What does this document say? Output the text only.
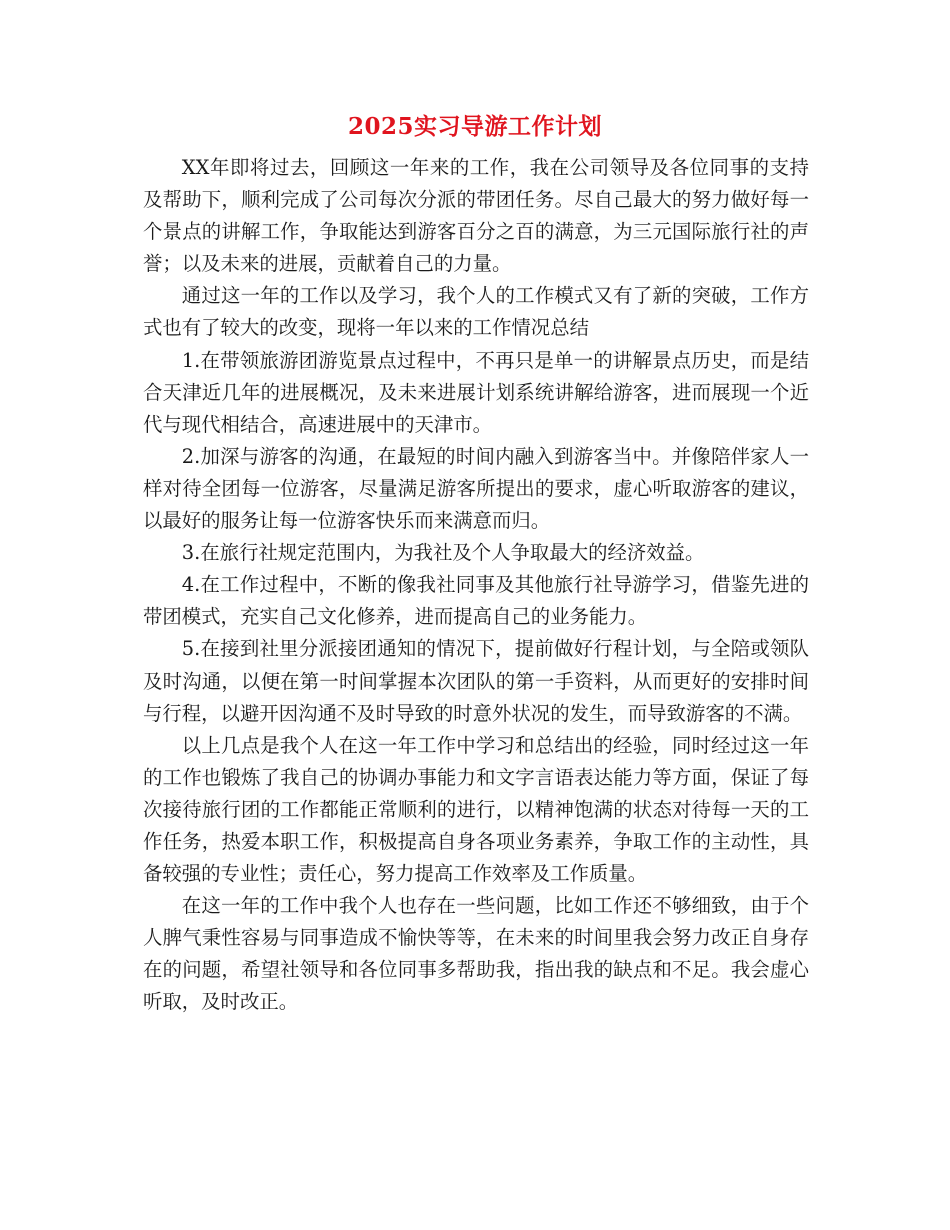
2025实习导游工作计划

XX年即将过去，回顾这一年来的工作，我在公司领导及各位同事的支持及帮助下，顺利完成了公司每次分派的带团任务。尽自己最大的努力做好每一个景点的讲解工作，争取能达到游客百分之百的满意，为三元国际旅行社的声誉；以及未来的进展，贡献着自己的力量。

通过这一年的工作以及学习，我个人的工作模式又有了新的突破，工作方式也有了较大的改变，现将一年以来的工作情况总结

1.在带领旅游团游览景点过程中，不再只是单一的讲解景点历史，而是结合天津近几年的进展概况，及未来进展计划系统讲解给游客，进而展现一个近代与现代相结合，高速进展中的天津市。

2.加深与游客的沟通，在最短的时间内融入到游客当中。并像陪伴家人一样对待全团每一位游客，尽量满足游客所提出的要求，虚心听取游客的建议，以最好的服务让每一位游客快乐而来满意而归。

3.在旅行社规定范围内，为我社及个人争取最大的经济效益。

4.在工作过程中，不断的像我社同事及其他旅行社导游学习，借鉴先进的带团模式，充实自己文化修养，进而提高自己的业务能力。

5.在接到社里分派接团通知的情况下，提前做好行程计划，与全陪或领队及时沟通，以便在第一时间掌握本次团队的第一手资料，从而更好的安排时间与行程，以避开因沟通不及时导致的时意外状况的发生，而导致游客的不满。

以上几点是我个人在这一年工作中学习和总结出的经验，同时经过这一年的工作也锻炼了我自己的协调办事能力和文字言语表达能力等方面，保证了每次接待旅行团的工作都能正常顺利的进行，以精神饱满的状态对待每一天的工作任务，热爱本职工作，积极提高自身各项业务素养，争取工作的主动性，具备较强的专业性；责任心，努力提高工作效率及工作质量。

在这一年的工作中我个人也存在一些问题，比如工作还不够细致，由于个人脾气秉性容易与同事造成不愉快等等，在未来的时间里我会努力改正自身存在的问题，希望社领导和各位同事多帮助我，指出我的缺点和不足。我会虚心听取，及时改正。
